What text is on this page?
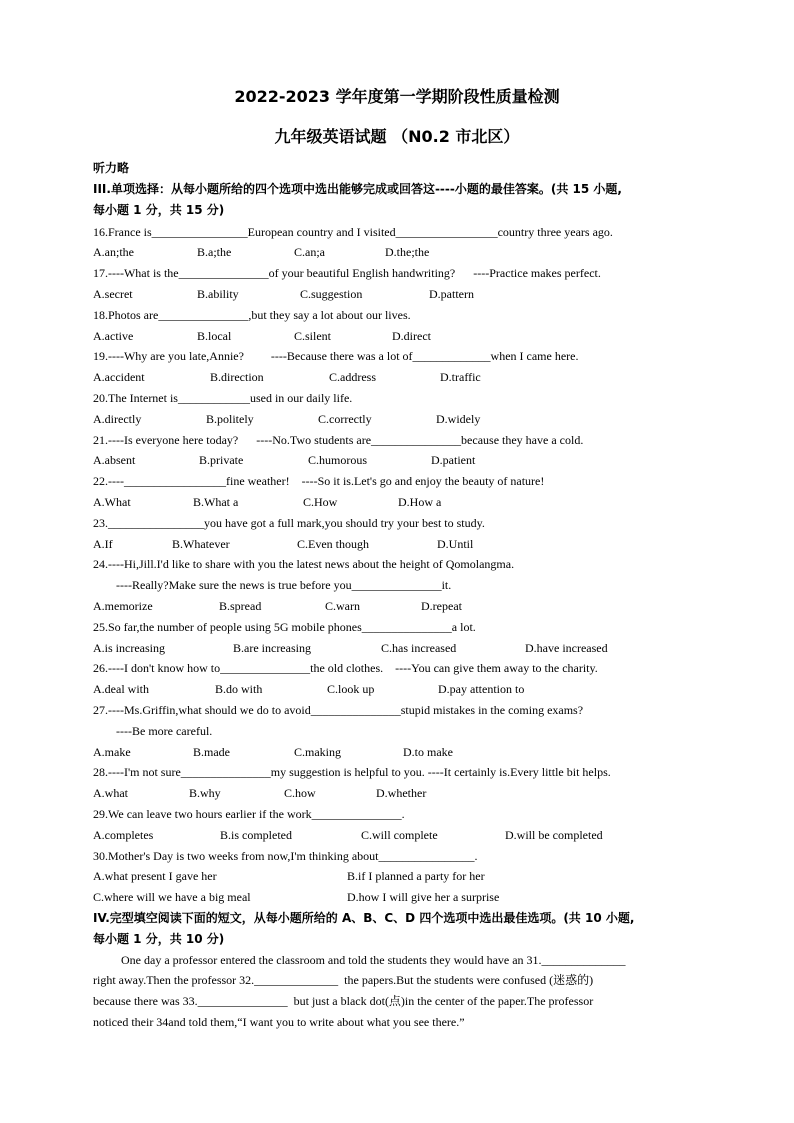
2022-2023 学年度第一学期阶段性质量检测
九年级英语试题 （N0.2 市北区）
听力略
III.单项选择：从每小题所给的四个选项中选出能够完成或回答这----小题的最佳答案。(共 15 小题,
每小题 1 分，共 15 分)
16.France is________________European country and I visited_________________country three years ago.
A.an;the	B.a;the	C.an;a	D.the;the
17.----What is the_______________of your beautiful English handwriting?      ----Practice makes perfect.
A.secret	B.ability	C.suggestion	D.pattern
18.Photos are_______________,but they say a lot about our lives.
A.active	B.local	C.silent	D.direct
19.----Why are you late,Annie?         ----Because there was a lot of_____________when I came here.
A.accident	B.direction	C.address	D.traffic
20.The Internet is____________used in our daily life.
A.directly	B.politely	C.correctly	D.widely
21.----Is everyone here today?      ----No.Two students are_______________because they have a cold.
A.absent	B.private	C.humorous	D.patient
22.----_________________fine weather!    ----So it is.Let's go and enjoy the beauty of nature!
A.What	B.What a	C.How	D.How a
23.________________you have got a full mark,you should try your best to study.
A.If	B.Whatever	C.Even though	D.Until
24.----Hi,Jill.I'd like to share with you the latest news about the height of Qomolangma.
----Really?Make sure the news is true before you_______________it.
A.memorize	B.spread	C.warn	D.repeat
25.So far,the number of people using 5G mobile phones_______________a lot.
A.is increasing	B.are increasing	C.has increased	D.have increased
26.----I don't know how to_______________the old clothes.    ----You can give them away to the charity.
A.deal with	B.do with	C.look up	D.pay attention to
27.----Ms.Griffin,what should we do to avoid_______________stupid mistakes in the coming exams?
----Be more careful.
A.make	B.made	C.making	D.to make
28.----I'm not sure_______________my suggestion is helpful to you. ----It certainly is.Every little bit helps.
A.what	B.why	C.how	D.whether
29.We can leave two hours earlier if the work_______________.
A.completes	B.is completed	C.will complete	D.will be completed
30.Mother's Day is two weeks from now,I'm thinking about________________.
A.what present I gave her	B.if I planned a party for her
C.where will we have a big meal	D.how I will give her a surprise
IV.完型填空阅读下面的短文，从每小题所给的 A、B、C、D 四个选项中选出最佳选项。(共 10 小题,
每小题 1 分，共 10 分)
One day a professor entered the classroom and told the students they would have an 31.______________
right away.Then the professor 32.______________  the papers.But the students were confused (迷惑的)
because there was 33._______________  but just a black dot(点)in the center of the paper.The professor
noticed their 34and told them,“I want you to write about what you see there.”
